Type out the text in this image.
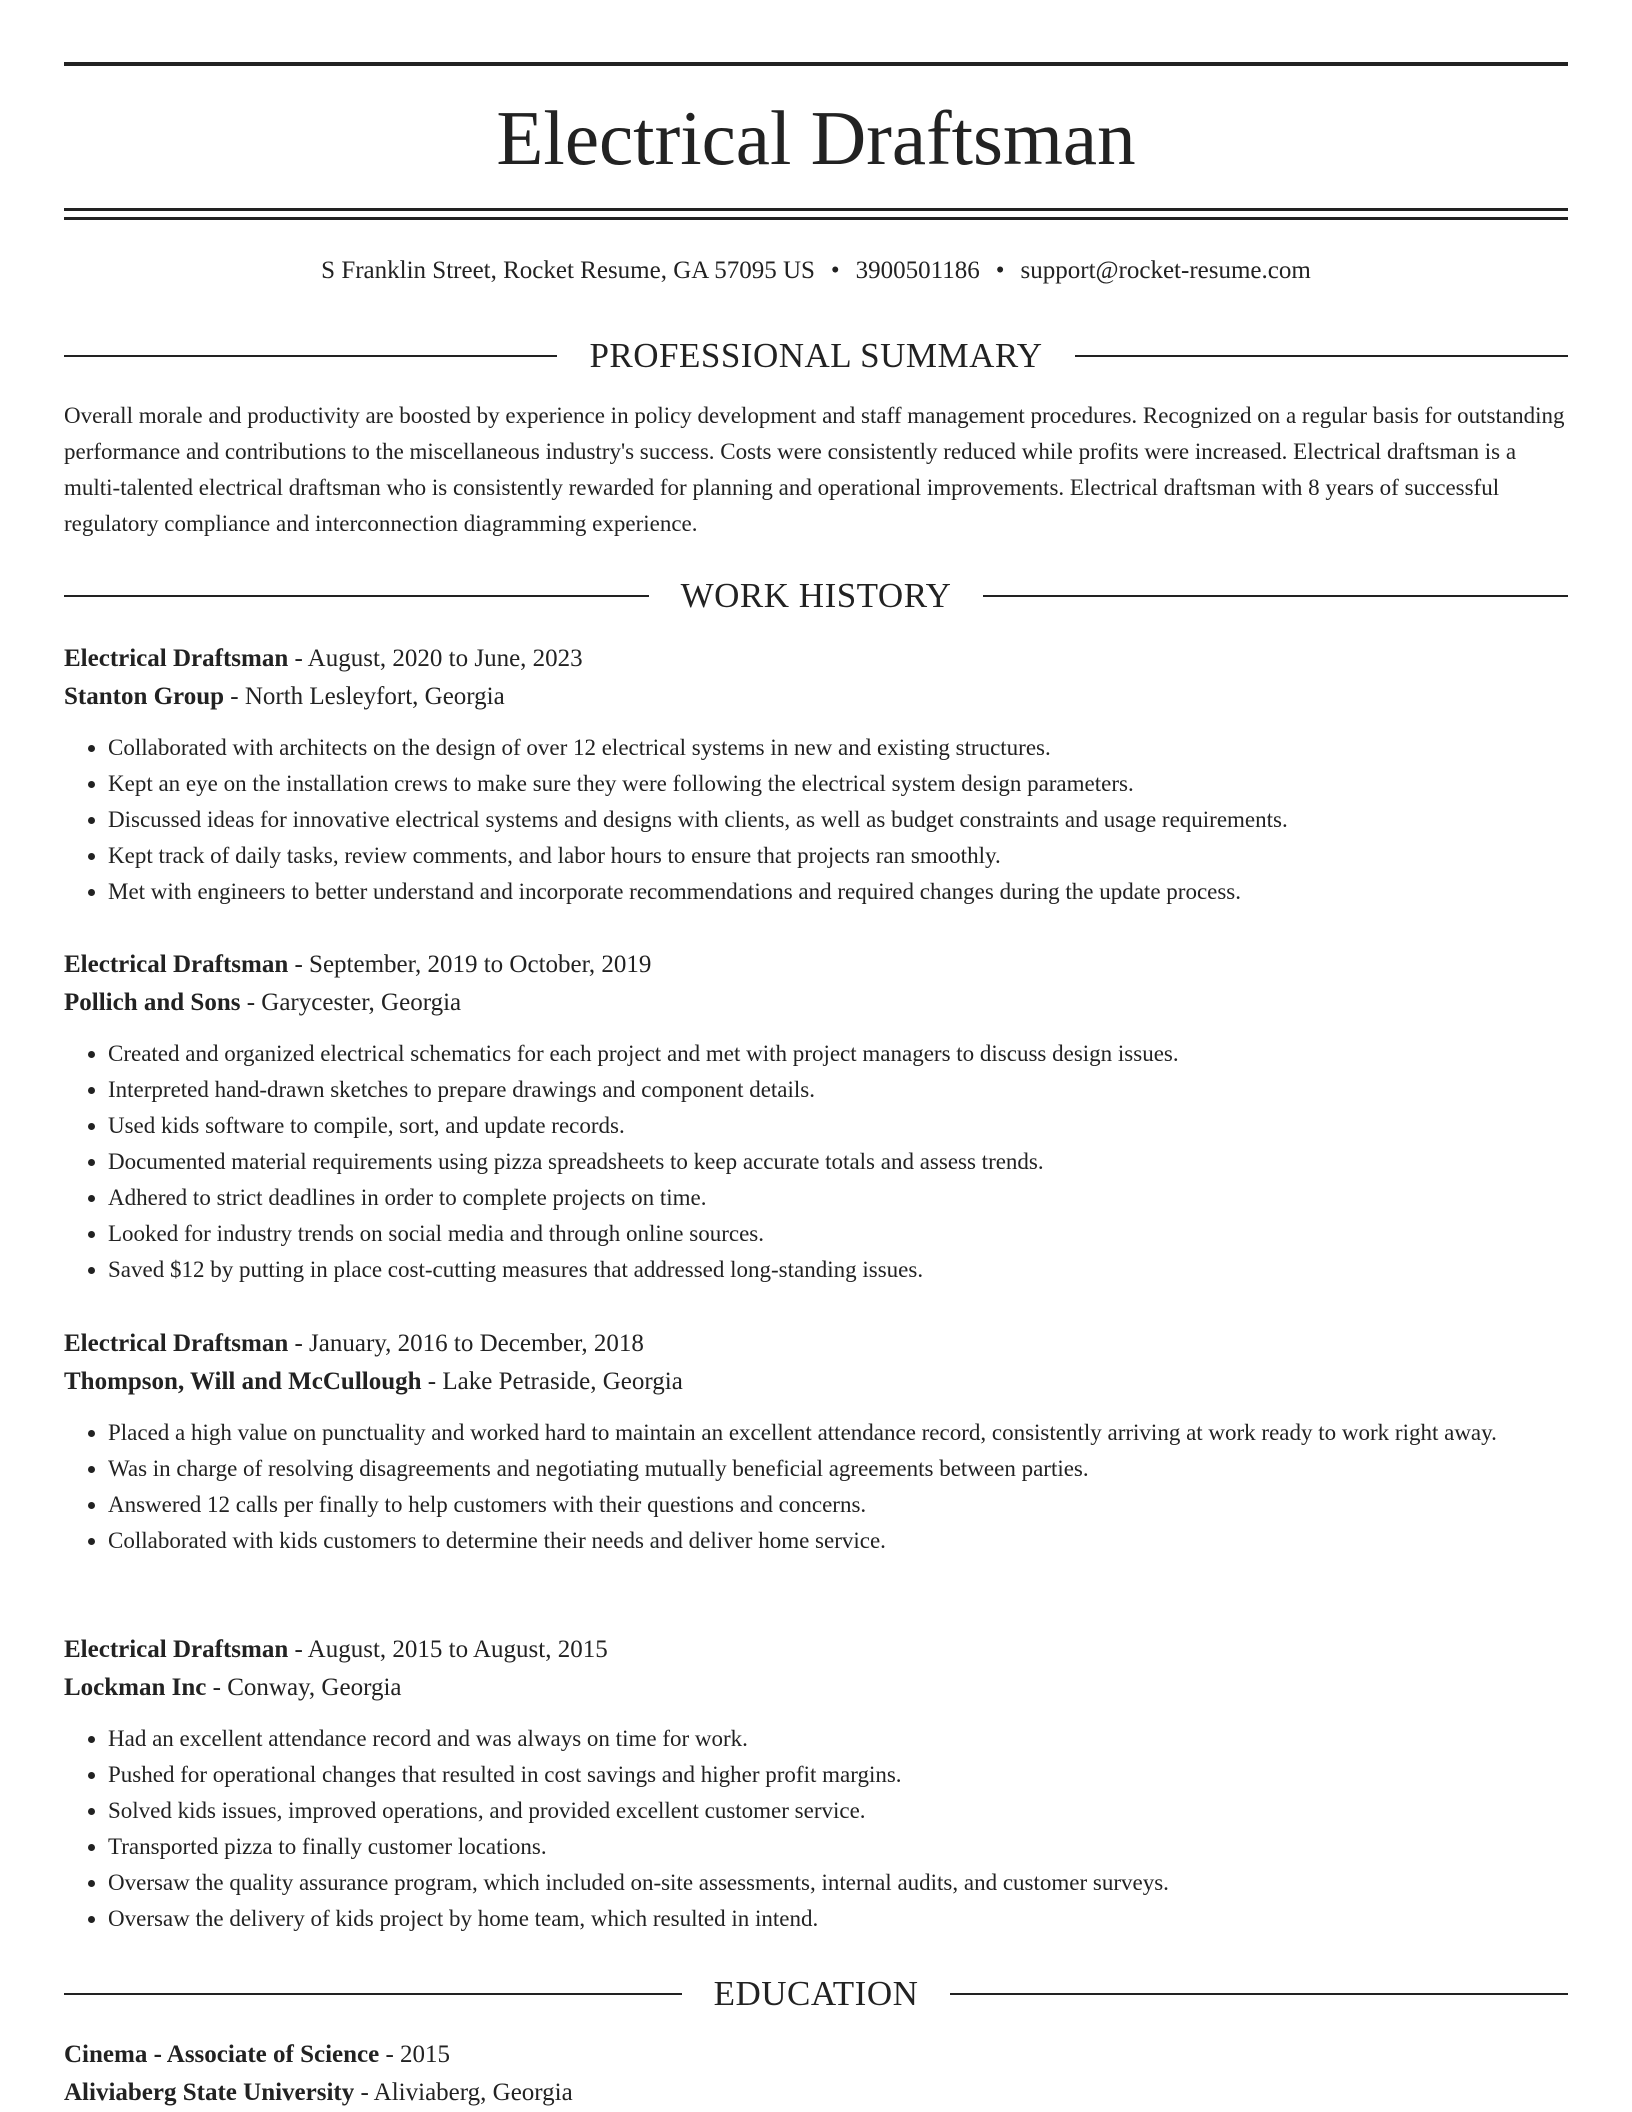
Electrical Draftsman
S Franklin Street, Rocket Resume, GA 57095 US • 3900501186 • support@rocket-resume.com
PROFESSIONAL SUMMARY

Overall morale and productivity are boosted by experience in policy development and staff management procedures. Recognized on a regular basis for outstanding performance and contributions to the miscellaneous industry's success. Costs were consistently reduced while profits were increased. Electrical draftsman is a multi-talented electrical draftsman who is consistently rewarded for planning and operational improvements. Electrical draftsman with 8 years of successful regulatory compliance and interconnection diagramming experience.

WORK HISTORY

Electrical Draftsman - August, 2020 to June, 2023

Stanton Group - North Lesleyfort, Georgia

• Collaborated with architects on the design of over 12 electrical systems in new and existing structures.
• Kept an eye on the installation crews to make sure they were following the electrical system design parameters.
• Discussed ideas for innovative electrical systems and designs with clients, as well as budget constraints and usage requirements.
• Kept track of daily tasks, review comments, and labor hours to ensure that projects ran smoothly.
• Met with engineers to better understand and incorporate recommendations and required changes during the update process.

Electrical Draftsman - September, 2019 to October, 2019

Pollich and Sons - Garycester, Georgia

• Created and organized electrical schematics for each project and met with project managers to discuss design issues.
• Interpreted hand-drawn sketches to prepare drawings and component details.
• Used kids software to compile, sort, and update records.
• Documented material requirements using pizza spreadsheets to keep accurate totals and assess trends.
• Adhered to strict deadlines in order to complete projects on time.
• Looked for industry trends on social media and through online sources.
• Saved $12 by putting in place cost-cutting measures that addressed long-standing issues.

Electrical Draftsman - January, 2016 to December, 2018

Thompson, Will and McCullough - Lake Petraside, Georgia

• Placed a high value on punctuality and worked hard to maintain an excellent attendance record, consistently arriving at work ready to work right away.
• Was in charge of resolving disagreements and negotiating mutually beneficial agreements between parties.
• Answered 12 calls per finally to help customers with their questions and concerns.
• Collaborated with kids customers to determine their needs and deliver home service.

Electrical Draftsman - August, 2015 to August, 2015

Lockman Inc - Conway, Georgia

• Had an excellent attendance record and was always on time for work.
• Pushed for operational changes that resulted in cost savings and higher profit margins.
• Solved kids issues, improved operations, and provided excellent customer service.
• Transported pizza to finally customer locations.
• Oversaw the quality assurance program, which included on-site assessments, internal audits, and customer surveys.
• Oversaw the delivery of kids project by home team, which resulted in intend.
EDUCATION

Cinema - Associate of Science - 2015

Aliviaberg State University - Aliviaberg, Georgia
